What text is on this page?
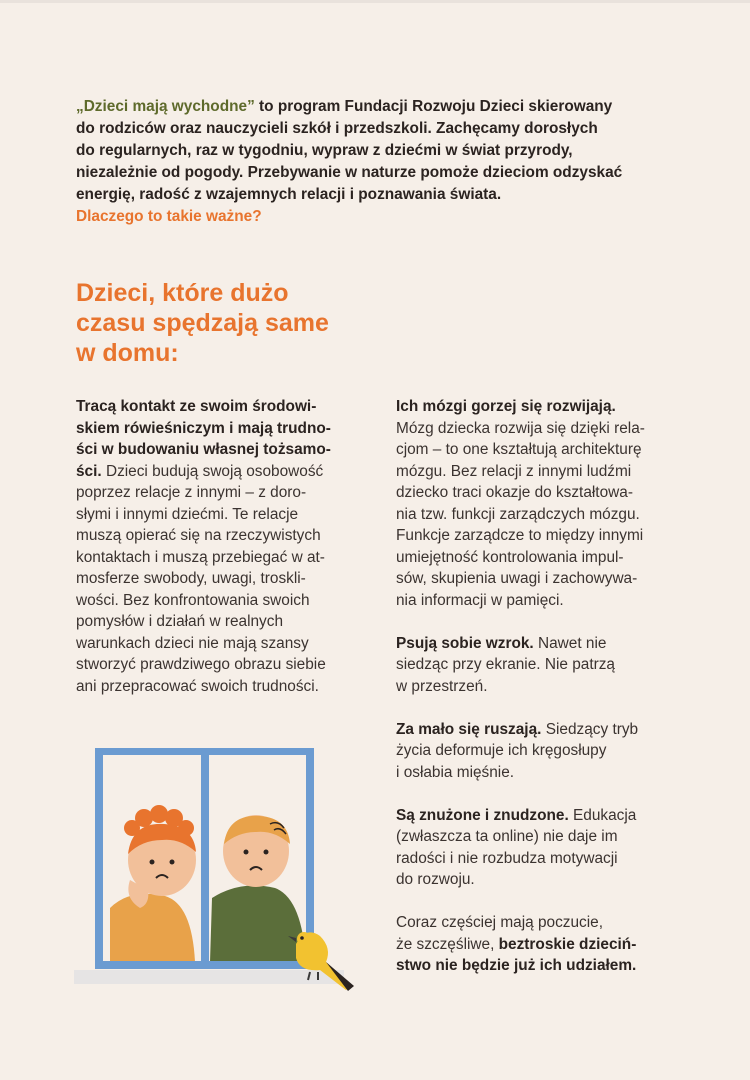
„Dzieci mają wychodne” to program Fundacji Rozwoju Dzieci skierowany
do rodziców oraz nauczycieli szkół i przedszkoli. Zachęcamy dorosłych
do regularnych, raz w tygodniu, wypraw z dziećmi w świat przyrody,
niezależnie od pogody. Przebywanie w naturze pomoże dzieciom odzyskać
energię, radość z wzajemnych relacji i poznawania świata.
Dlaczego to takie ważne?
Dzieci, które dużo
czasu spędzają same
w domu:

Tracą kontakt ze swoim środowi-
skiem rówieśniczym i mają trudno-
ści w budowaniu własnej tożsamo-
ści. Dzieci budują swoją osobowość
poprzez relacje z innymi – z doro-
słymi i innymi dziećmi. Te relacje
muszą opierać się na rzeczywistych
kontaktach i muszą przebiegać w at-
mosferze swobody, uwagi, troskli-
wości. Bez konfrontowania swoich
pomysłów i działań w realnych
warunkach dzieci nie mają szansy
stworzyć prawdziwego obrazu siebie
ani przepracować swoich trudności.

Ich mózgi gorzej się rozwijają.
Mózg dziecka rozwija się dzięki rela-
cjom – to one kształtują architekturę
mózgu. Bez relacji z innymi ludźmi
dziecko traci okazje do kształtowa-
nia tzw. funkcji zarządczych mózgu.
Funkcje zarządcze to między innymi
umiejętność kontrolowania impul-
sów, skupienia uwagi i zachowywa-
nia informacji w pamięci.

Psują sobie wzrok. Nawet nie
siedząc przy ekranie. Nie patrzą
w przestrzeń.

Za mało się ruszają. Siedzący tryb
życia deformuje ich kręgosłupy
i osłabia mięśnie.

Są znużone i znudzone. Edukacja
(zwłaszcza ta online) nie daje im
radości i nie rozbudza motywacji
do rozwoju.

Coraz częściej mają poczucie,
że szczęśliwe, beztroskie dzieciń-
stwo nie będzie już ich udziałem.
